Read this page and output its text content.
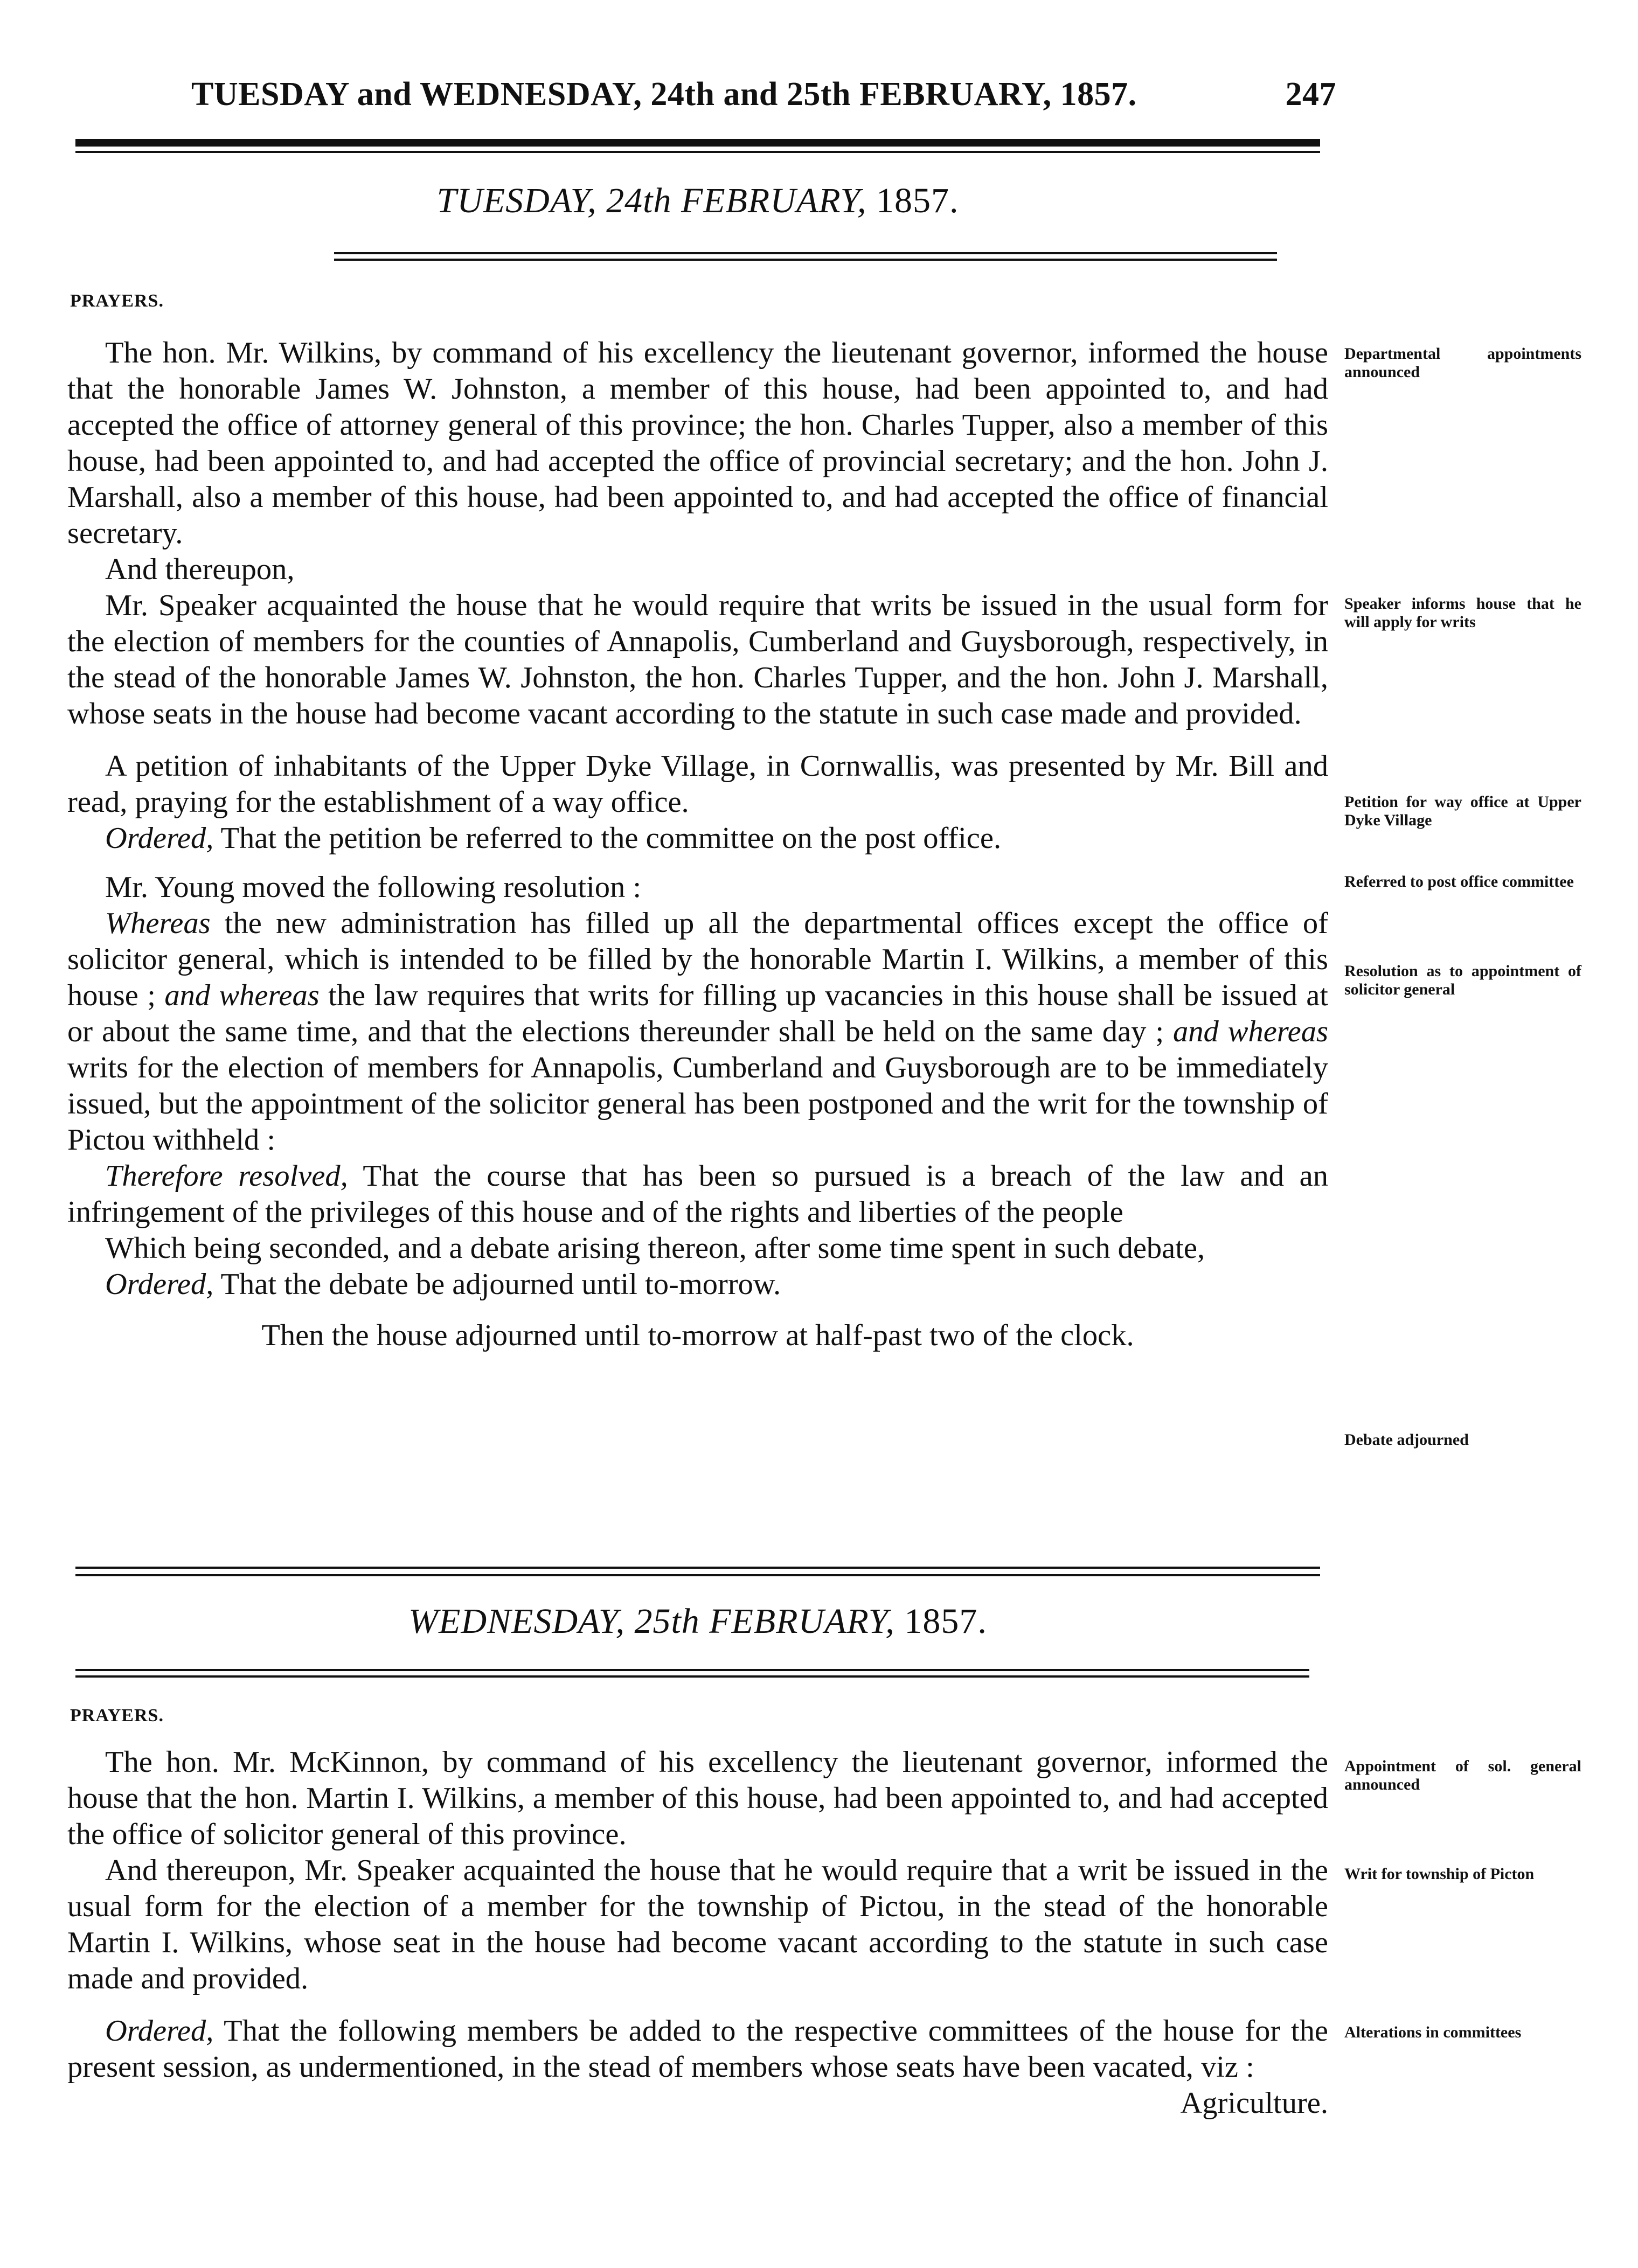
TUESDAY and WEDNESDAY, 24th and 25th FEBRUARY, 1857.	247
TUESDAY, 24th FEBRUARY, 1857.
PRAYERS.

The hon. Mr. Wilkins, by command of his excellency the lieutenant governor, informed the house that the honorable James W. Johnston, a member of this house, had been appointed to, and had accepted the office of attorney general of this province; the hon. Charles Tupper, also a member of this house, had been appointed to, and had accepted the office of provincial secretary; and the hon. John J. Marshall, also a member of this house, had been appointed to, and had accepted the office of financial secretary.

And thereupon,

Mr. Speaker acquainted the house that he would require that writs be issued in the usual form for the election of members for the counties of Annapolis, Cumberland and Guysborough, respectively, in the stead of the honorable James W. Johnston, the hon. Charles Tupper, and the hon. John J. Marshall, whose seats in the house had become vacant according to the statute in such case made and provided.

A petition of inhabitants of the Upper Dyke Village, in Cornwallis, was presented by Mr. Bill and read, praying for the establishment of a way office.

Ordered, That the petition be referred to the committee on the post office.

Mr. Young moved the following resolution :

Whereas the new administration has filled up all the departmental offices except the office of solicitor general, which is intended to be filled by the honorable Martin I. Wilkins, a member of this house ; and whereas the law requires that writs for filling up vacancies in this house shall be issued at or about the same time, and that the elections thereunder shall be held on the same day ; and whereas writs for the election of members for Annapolis, Cumberland and Guysborough are to be immediately issued, but the appointment of the solicitor general has been postponed and the writ for the township of Pictou withheld :

Therefore resolved, That the course that has been so pursued is a breach of the law and an infringement of the privileges of this house and of the rights and liberties of the people

Which being seconded, and a debate arising thereon, after some time spent in such debate,

Ordered, That the debate be adjourned until to-morrow.

Then the house adjourned until to-morrow at half-past two of the clock.

Departmental appointments announced
Speaker informs house that he will apply for writs
Petition for way office at Upper Dyke Village
Referred to post office committee
Resolution as to appointment of solicitor general
Debate adjourned
WEDNESDAY, 25th FEBRUARY, 1857.
PRAYERS.

The hon. Mr. McKinnon, by command of his excellency the lieutenant governor, informed the house that the hon. Martin I. Wilkins, a member of this house, had been appointed to, and had accepted the office of solicitor general of this province.

And thereupon, Mr. Speaker acquainted the house that he would require that a writ be issued in the usual form for the election of a member for the township of Pictou, in the stead of the honorable Martin I. Wilkins, whose seat in the house had become vacant according to the statute in such case made and provided.

Ordered, That the following members be added to the respective committees of the house for the present session, as undermentioned, in the stead of members whose seats have been vacated, viz :

Agriculture.

Appointment of sol. general announced
Writ for township of Picton
Alterations in committees
